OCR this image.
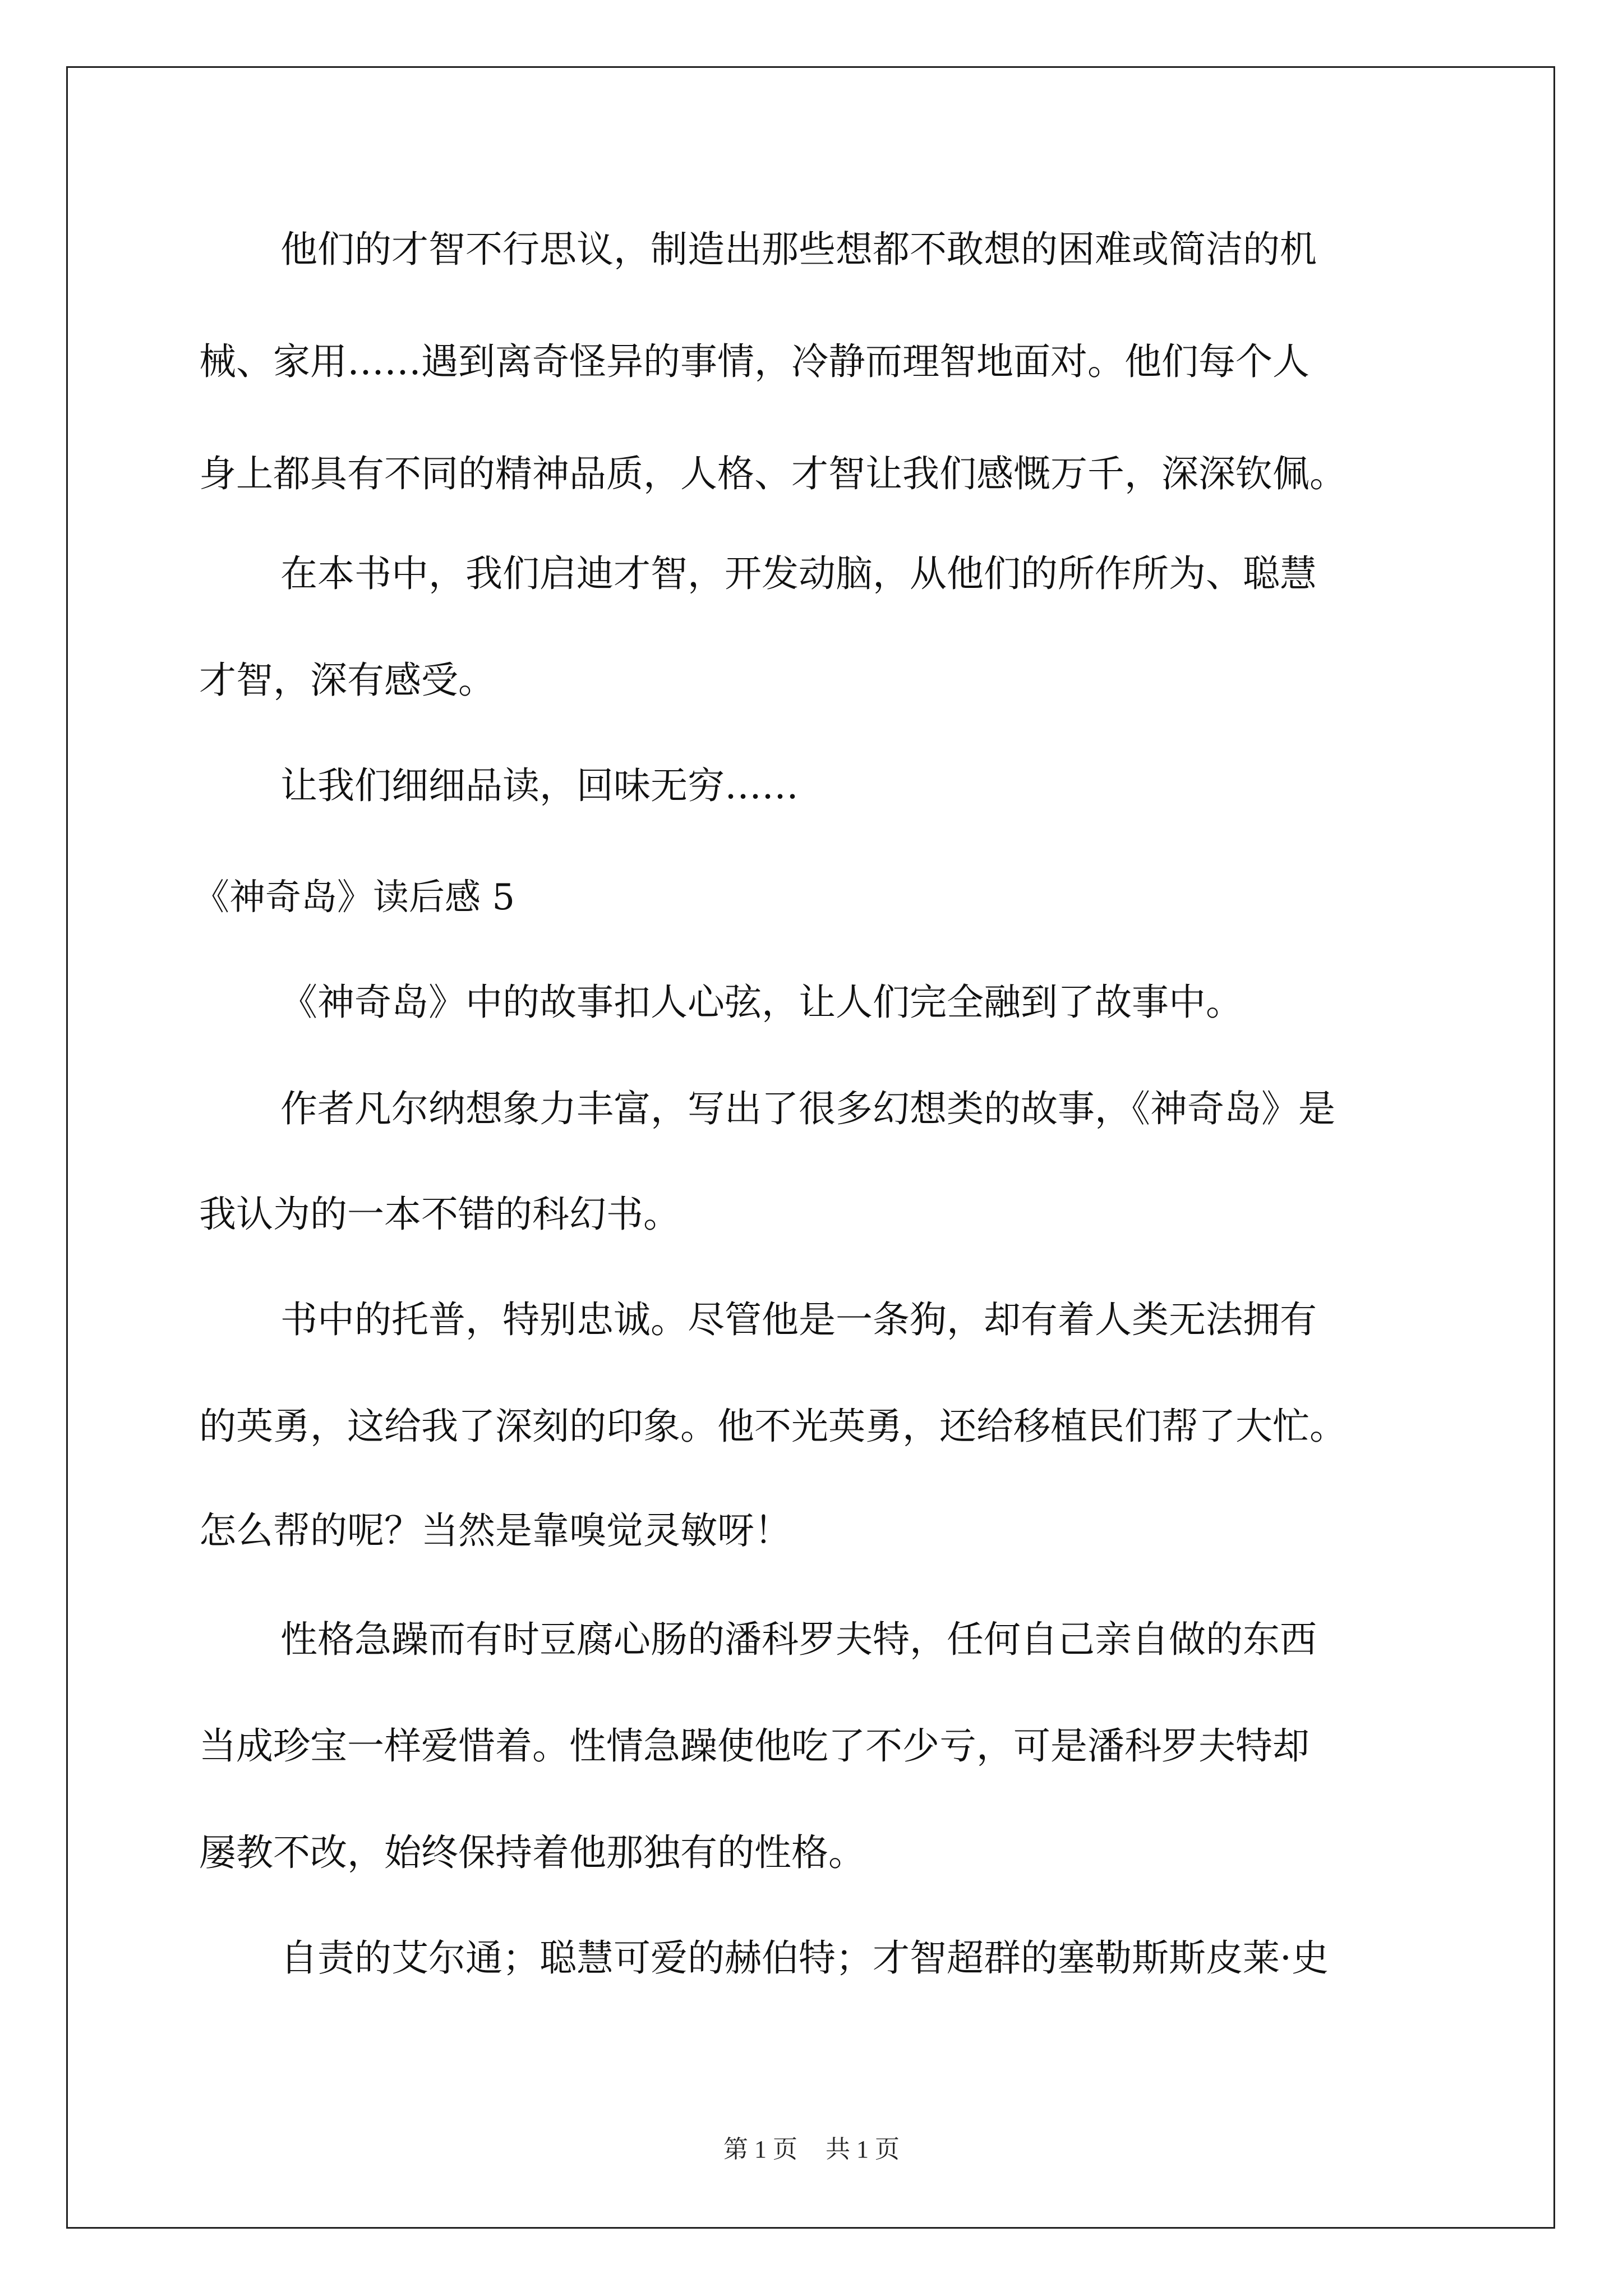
他们的才智不行思议，制造出那些想都不敢想的困难或简洁的机
械、家用……遇到离奇怪异的事情，冷静而理智地面对。他们每个人
身上都具有不同的精神品质，人格、才智让我们感慨万千，深深钦佩。
在本书中，我们启迪才智，开发动脑，从他们的所作所为、聪慧
才智，深有感受。
让我们细细品读，回味无穷……
《神奇岛》读后感 5
《神奇岛》中的故事扣人心弦，让人们完全融到了故事中。
作者凡尔纳想象力丰富，写出了很多幻想类的故事，《神奇岛》是
我认为的一本不错的科幻书。
书中的托普，特别忠诚。尽管他是一条狗，却有着人类无法拥有
的英勇，这给我了深刻的印象。他不光英勇，还给移植民们帮了大忙。
怎么帮的呢？当然是靠嗅觉灵敏呀！
性格急躁而有时豆腐心肠的潘科罗夫特，任何自己亲自做的东西
当成珍宝一样爱惜着。性情急躁使他吃了不少亏，可是潘科罗夫特却
屡教不改，始终保持着他那独有的性格。
自责的艾尔通；聪慧可爱的赫伯特；才智超群的塞勒斯斯皮莱·史
第 1 页 共 1 页
